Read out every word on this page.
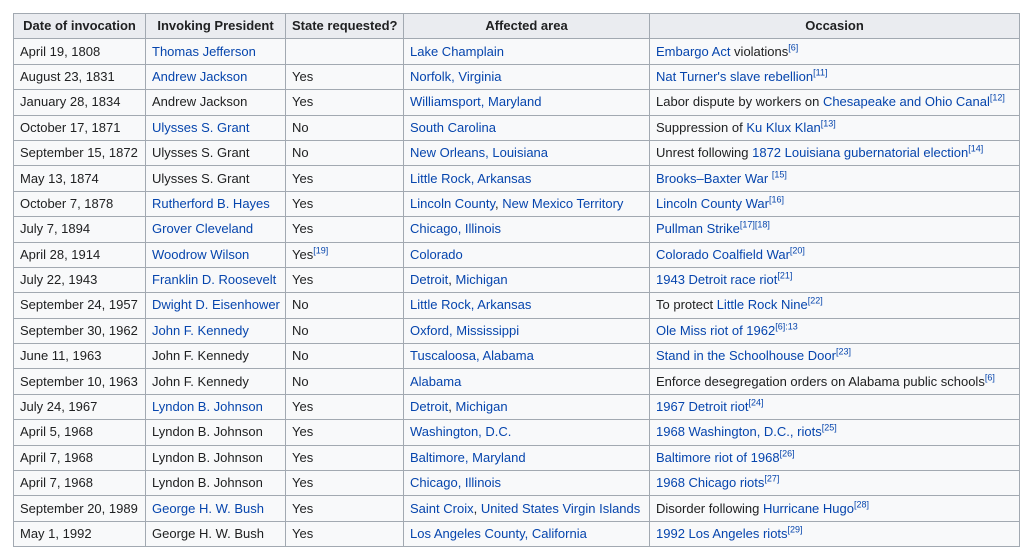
Date of invocation	Invoking President	State requested?	Affected area	Occasion
April 19, 1808	Thomas Jefferson		Lake Champlain	Embargo Act violations[6]
August 23, 1831	Andrew Jackson	Yes	Norfolk, Virginia	Nat Turner's slave rebellion[11]
January 28, 1834	Andrew Jackson	Yes	Williamsport, Maryland	Labor dispute by workers on Chesapeake and Ohio Canal[12]
October 17, 1871	Ulysses S. Grant	No	South Carolina	Suppression of Ku Klux Klan[13]
September 15, 1872	Ulysses S. Grant	No	New Orleans, Louisiana	Unrest following 1872 Louisiana gubernatorial election[14]
May 13, 1874	Ulysses S. Grant	Yes	Little Rock, Arkansas	Brooks–Baxter War [15]
October 7, 1878	Rutherford B. Hayes	Yes	Lincoln County, New Mexico Territory	Lincoln County War[16]
July 7, 1894	Grover Cleveland	Yes	Chicago, Illinois	Pullman Strike[17][18]
April 28, 1914	Woodrow Wilson	Yes[19]	Colorado	Colorado Coalfield War[20]
July 22, 1943	Franklin D. Roosevelt	Yes	Detroit, Michigan	1943 Detroit race riot[21]
September 24, 1957	Dwight D. Eisenhower	No	Little Rock, Arkansas	To protect Little Rock Nine[22]
September 30, 1962	John F. Kennedy	No	Oxford, Mississippi	Ole Miss riot of $1962^{[6]:13}$
June 11, 1963	John F. Kennedy	No	Tuscaloosa, Alabama	Stand in the Schoolhouse Door[23]
September 10, 1963	John F. Kennedy	No	Alabama	Enforce desegregation orders on Alabama public schools[6]
July 24, 1967	Lyndon B. Johnson	Yes	Detroit, Michigan	1967 Detroit riot[24]
April 5, 1968	Lyndon B. Johnson	Yes	Washington, D.C.	1968 Washington, D.C., riots[25]
April 7, 1968	Lyndon B. Johnson	Yes	Baltimore, Maryland	Baltimore riot of 1968[26]
April 7, 1968	Lyndon B. Johnson	Yes	Chicago, Illinois	1968 Chicago riots[27]
September 20, 1989	George H. W. Bush	Yes	Saint Croix, United States Virgin Islands	Disorder following Hurricane Hugo[28]
May 1, 1992	George H. W. Bush	Yes	Los Angeles County, California	1992 Los Angeles riots[29]
